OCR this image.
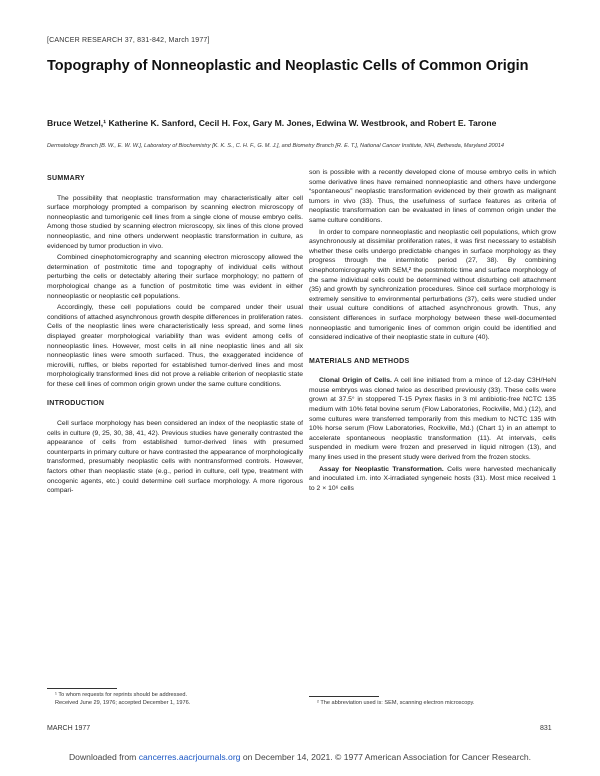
[CANCER RESEARCH 37, 831-842, March 1977]
Topography of Nonneoplastic and Neoplastic Cells of Common Origin
Bruce Wetzel,¹ Katherine K. Sanford, Cecil H. Fox, Gary M. Jones, Edwina W. Westbrook, and Robert E. Tarone
Dermatology Branch [B. W., E. W. W.], Laboratory of Biochemistry [K. K. S., C. H. F., G. M. J.], and Biometry Branch [R. E. T.], National Cancer Institute, NIH, Bethesda, Maryland 20014
SUMMARY

The possibility that neoplastic transformation may characteristically alter cell surface morphology prompted a comparison by scanning electron microscopy of nonneoplastic and tumorigenic cell lines from a single clone of mouse embryo cells. Among those studied by scanning electron microscopy, six lines of this clone proved nonneoplastic, and nine others underwent neoplastic transformation in culture, as evidenced by tumor production in vivo.

Combined cinephotomicrography and scanning electron microscopy allowed the determination of postmitotic time and topography of individual cells without perturbing the cells or detectably altering their surface morphology; no pattern of morphological change as a function of postmitotic time was evident in either nonneoplastic or neoplastic cell populations.

Accordingly, these cell populations could be compared under their usual conditions of attached asynchronous growth despite differences in proliferation rates. Cells of the neoplastic lines were characteristically less spread, and some lines displayed greater morphological variability than was evident among cells of nonneoplastic lines. However, most cells in all nine neoplastic lines and all six nonneoplastic lines were smooth surfaced. Thus, the exaggerated incidence of microvilli, ruffles, or blebs reported for established tumor-derived lines and most morphologically transformed lines did not prove a reliable criterion of neoplastic state for these cell lines of common origin grown under the same culture conditions.

INTRODUCTION

Cell surface morphology has been considered an index of the neoplastic state of cells in culture (9, 25, 30, 38, 41, 42). Previous studies have generally contrasted the appearance of cells from established tumor-derived lines with presumed counterparts in primary culture or have contrasted the appearance of morphologically transformed, presumably neoplastic cells with nontransformed controls. However, factors other than neoplastic state (e.g., period in culture, cell type, treatment with oncogenic agents, etc.) could determine cell surface morphology. A more rigorous compari-

¹ To whom requests for reprints should be addressed.
Received June 29, 1976; accepted December 1, 1976.

son is possible with a recently developed clone of mouse embryo cells in which some derivative lines have remained nonneoplastic and others have undergone “spontaneous” neoplastic transformation evidenced by their growth as malignant tumors in vivo (33). Thus, the usefulness of surface features as criteria of neoplastic transformation can be evaluated in lines of common origin under the same culture conditions.

In order to compare nonneoplastic and neoplastic cell populations, which grow asynchronously at dissimilar proliferation rates, it was first necessary to establish whether these cells undergo predictable changes in surface morphology as they progress through the intermitotic period (27, 38). By combining cinephotomicrography with SEM,² the postmitotic time and surface morphology of the same individual cells could be determined without disturbing cell attachment (35) and growth by synchronization procedures. Since cell surface morphology is extremely sensitive to environmental perturbations (37), cells were studied under their usual culture conditions of attached asynchronous growth. Thus, any consistent differences in surface morphology between these well-documented nonneoplastic and tumorigenic lines of common origin could be identified and considered indicative of their neoplastic state in culture (40).

MATERIALS AND METHODS

Clonal Origin of Cells. A cell line initiated from a mince of 12-day C3H/HeN mouse embryos was cloned twice as described previously (33). These cells were grown at 37.5° in stoppered T-15 Pyrex flasks in 3 ml antibiotic-free NCTC 135 medium with 10% fetal bovine serum (Flow Laboratories, Rockville, Md.) (12), and some cultures were transferred temporarily from this medium to NCTC 135 with 10% horse serum (Flow Laboratories, Rockville, Md.) (Chart 1) in an attempt to accelerate spontaneous neoplastic transformation (11). At intervals, cells suspended in medium were frozen and preserved in liquid nitrogen (13), and many lines used in the present study were derived from the frozen stocks.

Assay for Neoplastic Transformation. Cells were harvested mechanically and inoculated i.m. into X-irradiated syngeneic hosts (31). Most mice received 1 to 2 × 10⁶ cells

² The abbreviation used is: SEM, scanning electron microscopy.
MARCH 1977	831
Downloaded from cancerres.aacrjournals.org on December 14, 2021. © 1977 American Association for Cancer Research.
